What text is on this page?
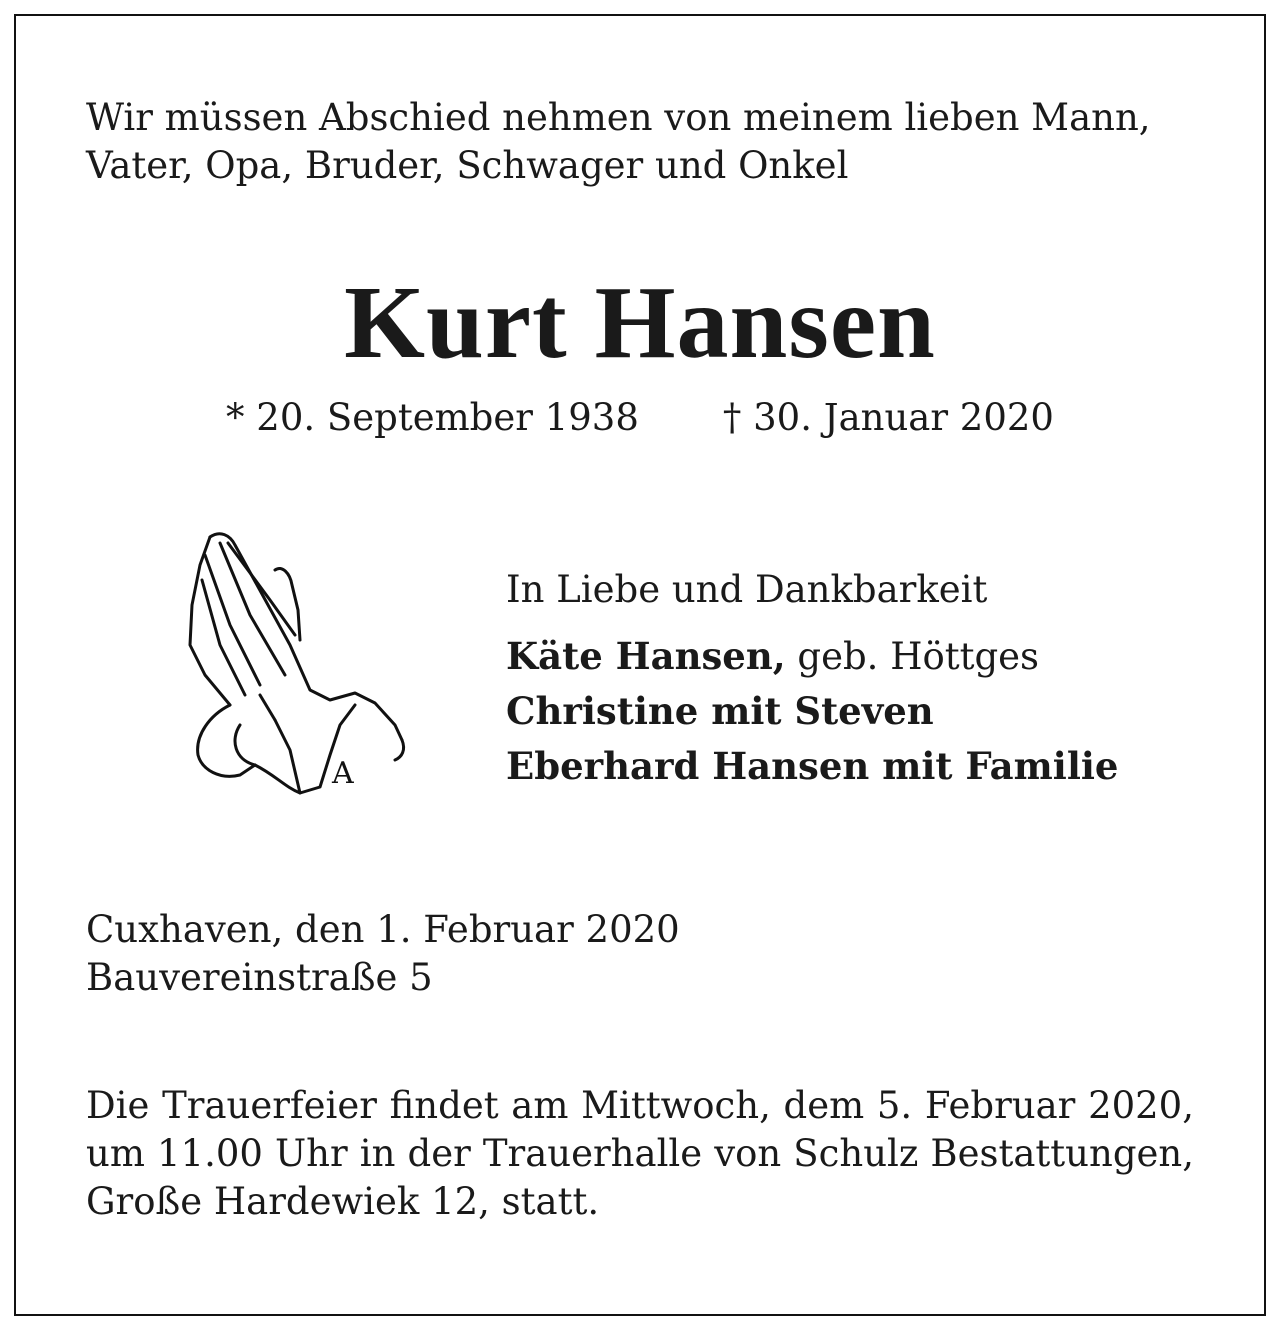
Wir müssen Abschied nehmen von meinem lieben Mann,
Vater, Opa, Bruder, Schwager und Onkel
Kurt Hansen
* 20. September 1938 † 30. Januar 2020
A
In Liebe und Dankbarkeit
Käte Hansen, geb. Höttges
Christine mit Steven
Eberhard Hansen mit Familie
Cuxhaven, den 1. Februar 2020
Bauvereinstraße 5
Die Trauerfeier findet am Mittwoch, dem 5. Februar 2020, um 11.00 Uhr in der Trauerhalle von Schulz Bestattungen, Große Hardewiek 12, statt.
